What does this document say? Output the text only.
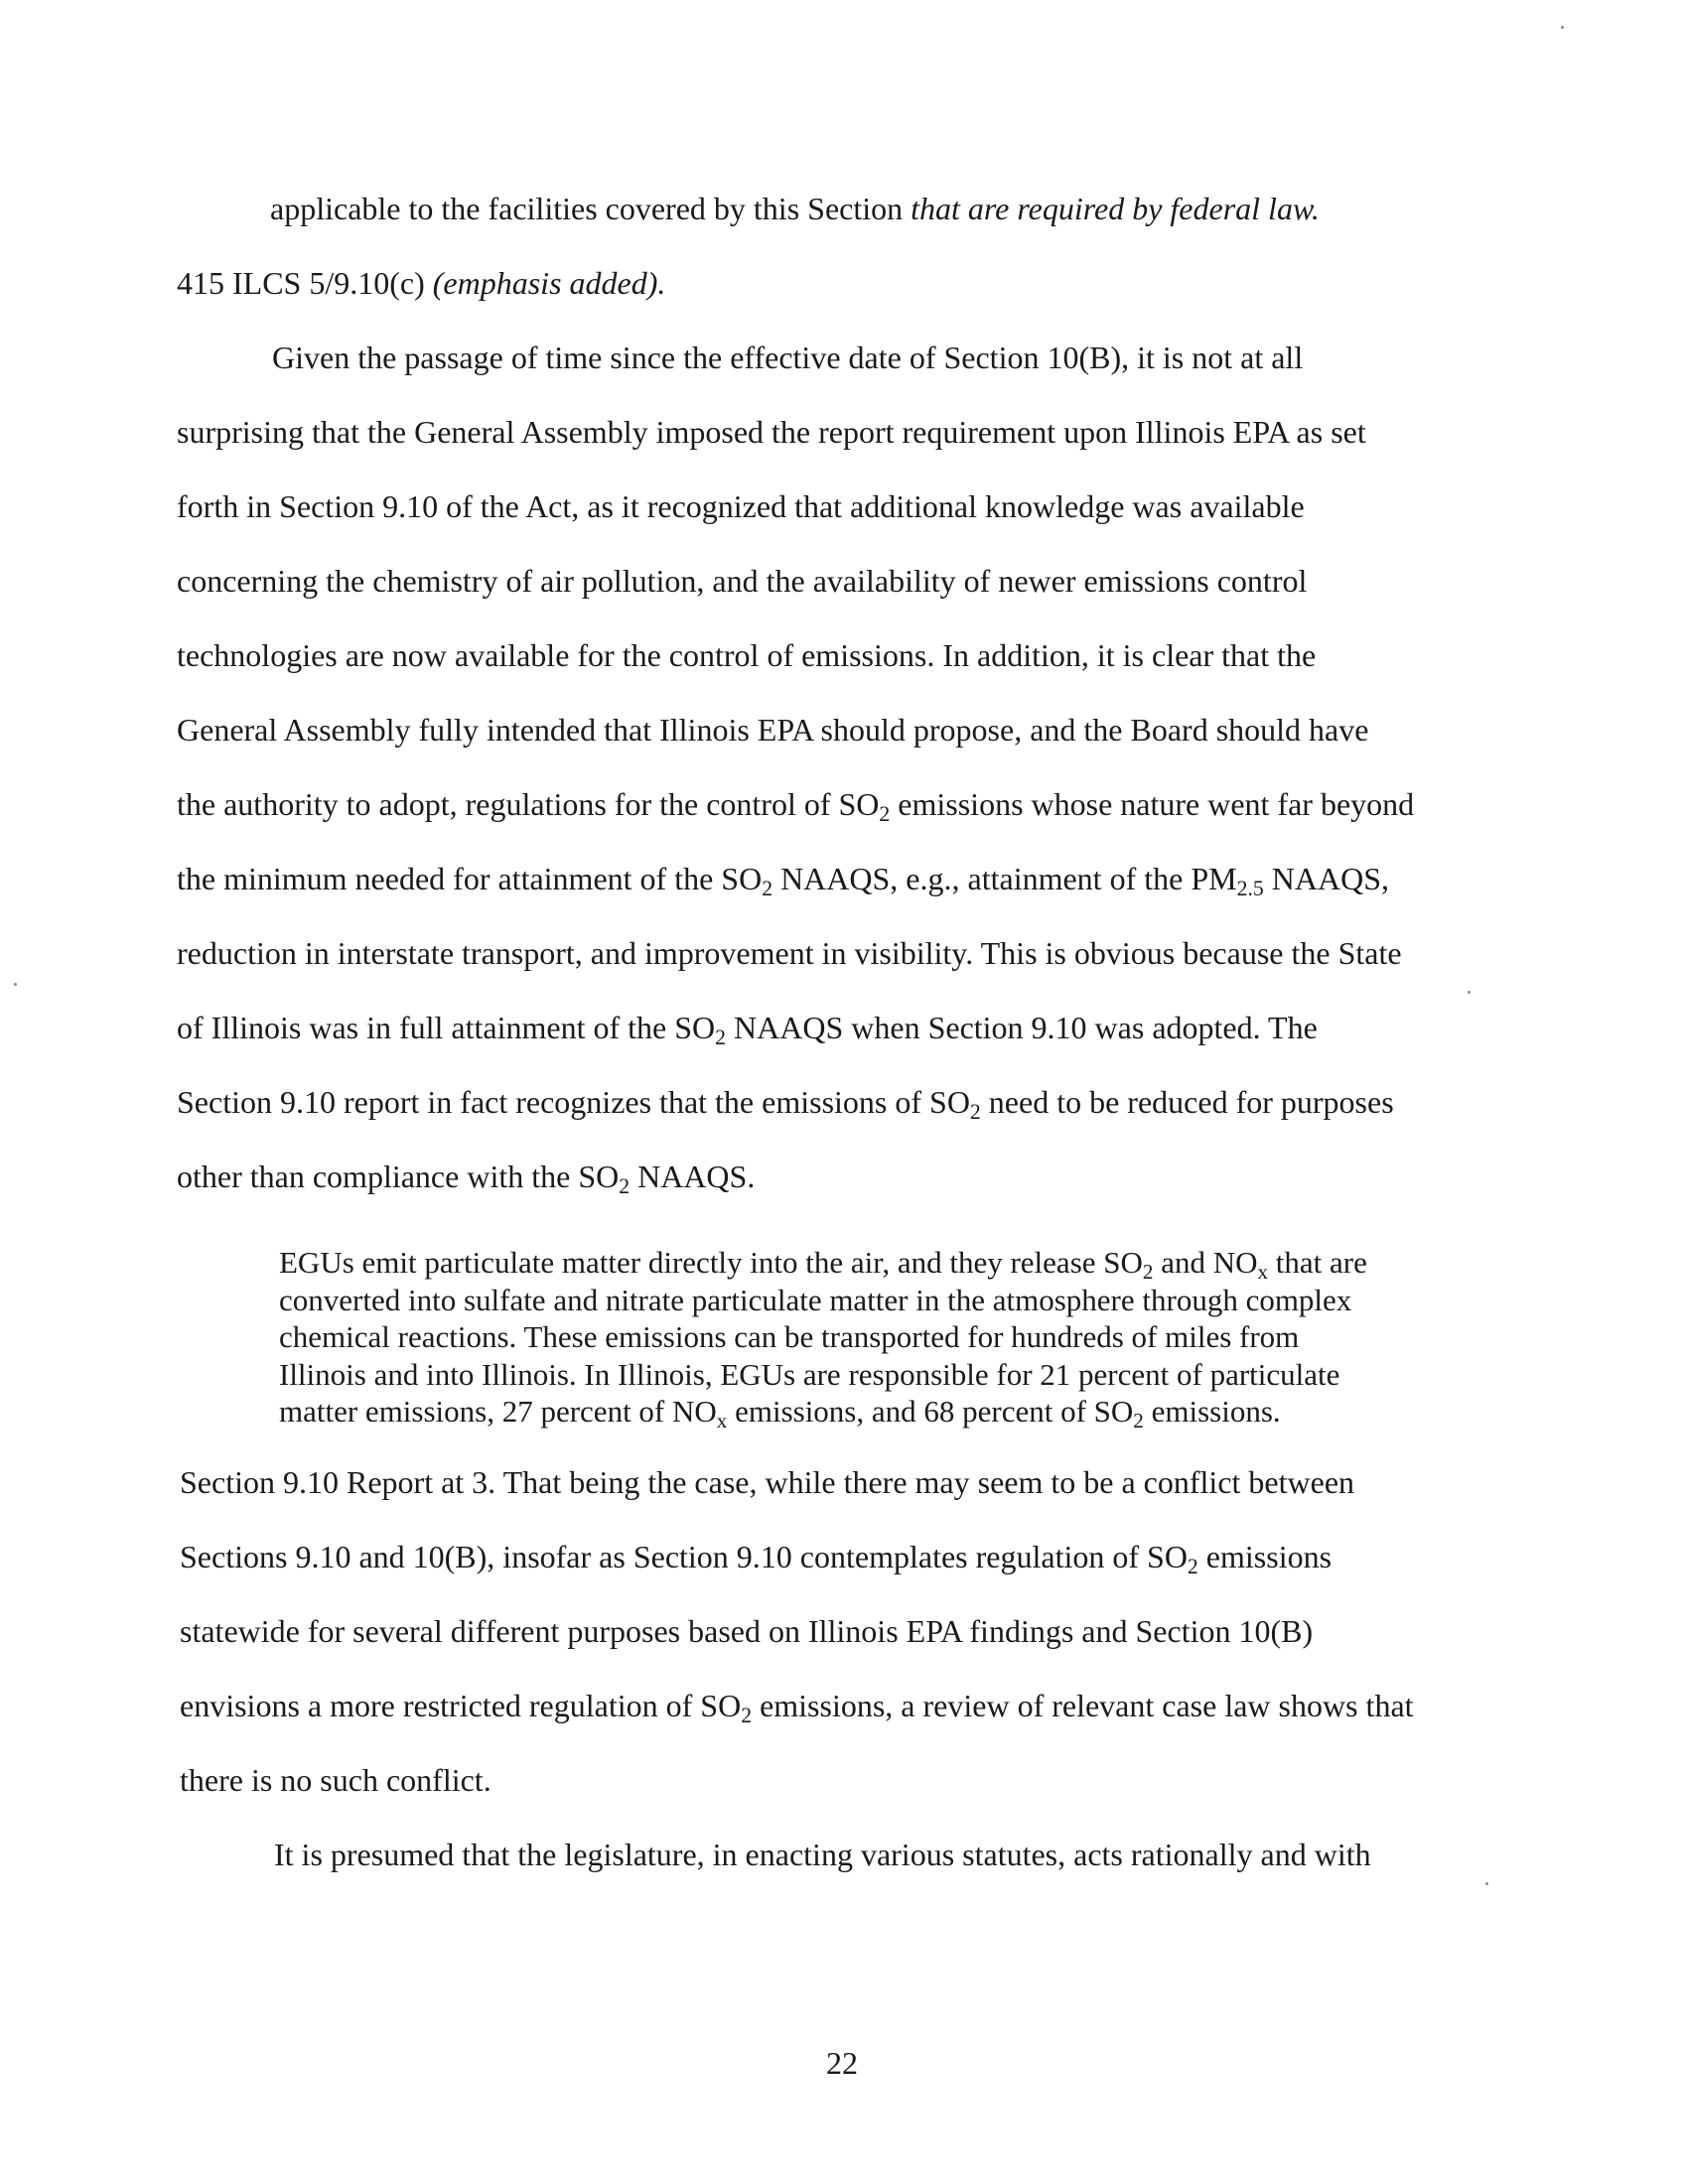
applicable to the facilities covered by this Section that are required by federal law.
415 ILCS 5/9.10(c) (emphasis added).
Given the passage of time since the effective date of Section 10(B), it is not at all
surprising that the General Assembly imposed the report requirement upon Illinois EPA as set
forth in Section 9.10 of the Act, as it recognized that additional knowledge was available
concerning the chemistry of air pollution, and the availability of newer emissions control
technologies are now available for the control of emissions. In addition, it is clear that the
General Assembly fully intended that Illinois EPA should propose, and the Board should have
the authority to adopt, regulations for the control of $SO_2$ emissions whose nature went far beyond
the minimum needed for attainment of the $SO_2$ NAAQS, e.g., attainment of the $PM_{2.5}$ NAAQS,
reduction in interstate transport, and improvement in visibility. This is obvious because the State
of Illinois was in full attainment of the $SO_2$ NAAQS when Section 9.10 was adopted. The
Section 9.10 report in fact recognizes that the emissions of $SO_2$ need to be reduced for purposes
other than compliance with the $SO_2$ NAAQS.
EGUs emit particulate matter directly into the air, and they release $SO_2$ and $NO_x$ that are
converted into sulfate and nitrate particulate matter in the atmosphere through complex
chemical reactions. These emissions can be transported for hundreds of miles from
Illinois and into Illinois. In Illinois, EGUs are responsible for 21 percent of particulate
matter emissions, 27 percent of $NO_x$ emissions, and 68 percent of $SO_2$ emissions.
Section 9.10 Report at 3. That being the case, while there may seem to be a conflict between
Sections 9.10 and 10(B), insofar as Section 9.10 contemplates regulation of $SO_2$ emissions
statewide for several different purposes based on Illinois EPA findings and Section 10(B)
envisions a more restricted regulation of $SO_2$ emissions, a review of relevant case law shows that
there is no such conflict.
It is presumed that the legislature, in enacting various statutes, acts rationally and with
22
